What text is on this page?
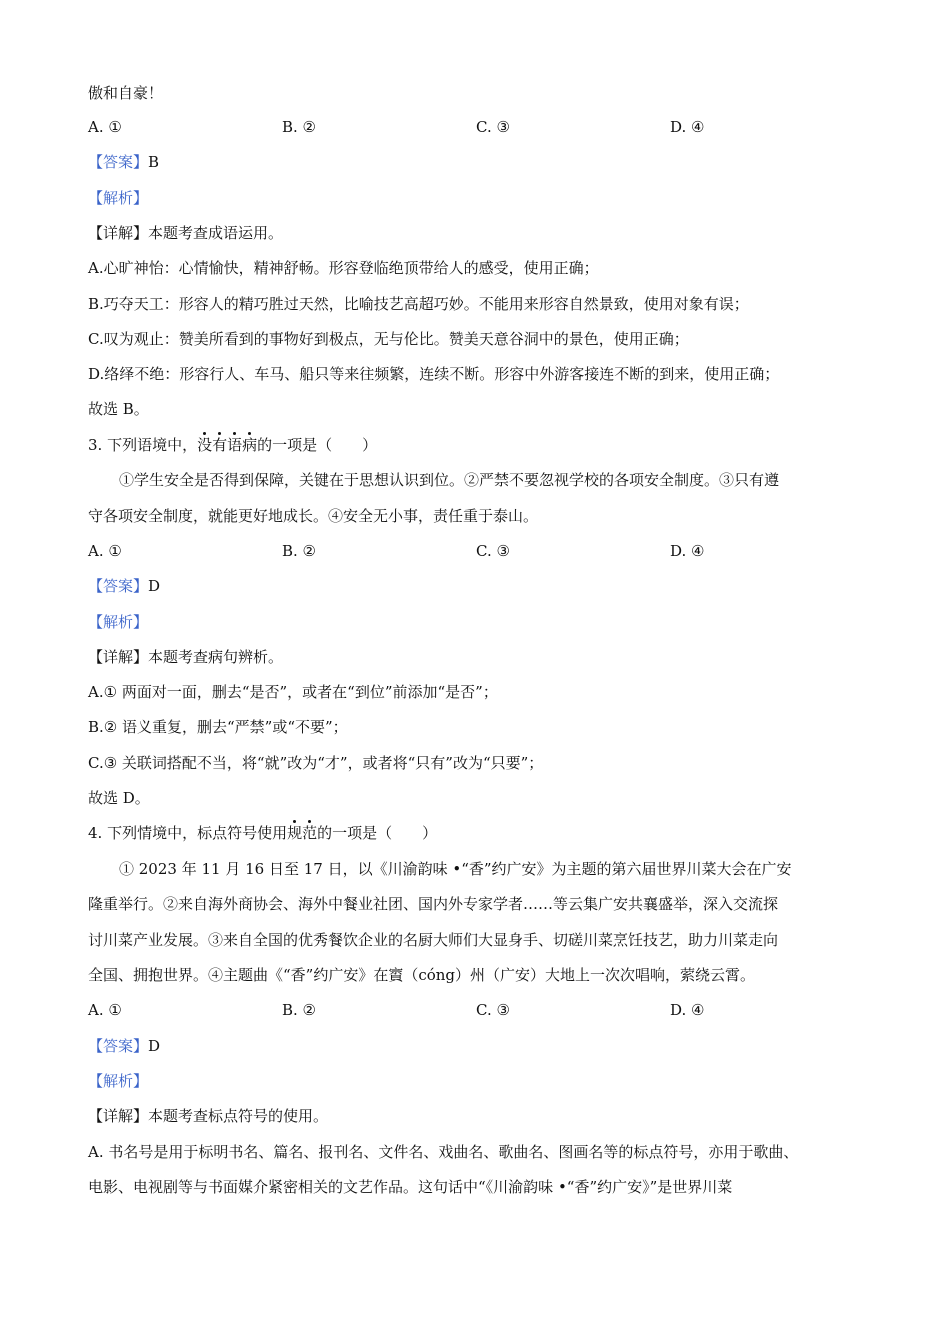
傲和自豪！
A. ①	B. ②	C. ③	D. ④
【答案】B
【解析】
【详解】本题考查成语运用。
A.心旷神怡：心情愉快，精神舒畅。形容登临绝顶带给人的感受，使用正确；
B.巧夺天工：形容人的精巧胜过天然，比喻技艺高超巧妙。不能用来形容自然景致，使用对象有误；
C.叹为观止：赞美所看到的事物好到极点，无与伦比。赞美天意谷洞中的景色，使用正确；
D.络绎不绝：形容行人、车马、船只等来往频繁，连续不断。形容中外游客接连不断的到来，使用正确；
故选 B。
3. 下列语境中，没有语病的一项是（　　）
①学生安全是否得到保障，关键在于思想认识到位。②严禁不要忽视学校的各项安全制度。③只有遵
守各项安全制度，就能更好地成长。④安全无小事，责任重于泰山。
A. ①	B. ②	C. ③	D. ④
【答案】D
【解析】
【详解】本题考查病句辨析。
A.① 两面对一面，删去“是否”，或者在“到位”前添加“是否”；
B.② 语义重复，删去“严禁”或“不要”；
C.③ 关联词搭配不当，将“就”改为“才”，或者将“只有”改为“只要”；
故选 D。
4. 下列情境中，标点符号使用规范的一项是（　　）
① 2023 年 11 月 16 日至 17 日，以《川渝韵味 •“香”约广安》为主题的第六届世界川菜大会在广安
隆重举行。②来自海外商协会、海外中餐业社团、国内外专家学者……等云集广安共襄盛举，深入交流探
讨川菜产业发展。③来自全国的优秀餐饮企业的名厨大师们大显身手、切磋川菜烹饪技艺，助力川菜走向
全国、拥抱世界。④主题曲《“香”约广安》在賨（cóng）州（广安）大地上一次次唱响，萦绕云霄。
A. ①	B. ②	C. ③	D. ④
【答案】D
【解析】
【详解】本题考查标点符号的使用。
A. 书名号是用于标明书名、篇名、报刊名、文件名、戏曲名、歌曲名、图画名等的标点符号，亦用于歌曲、
电影、电视剧等与书面媒介紧密相关的文艺作品。这句话中“《川渝韵味 •“香”约广安》”是世界川菜
